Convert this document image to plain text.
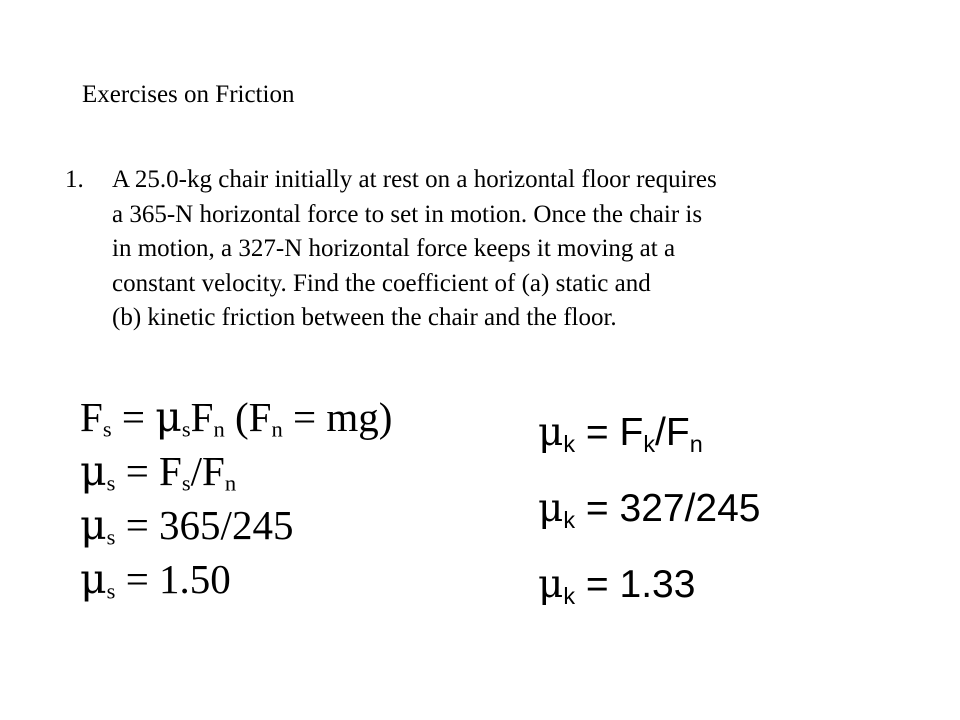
Exercises on Friction
1. A 25.0-kg chair initially at rest on a horizontal floor requires
a 365-N horizontal force to set in motion. Once the chair is
in motion, a 327-N horizontal force keeps it moving at a
constant velocity. Find the coefficient of (a) static and
(b) kinetic friction between the chair and the floor.
$F_s = \mu_sF_n$ $(F_n = mg)$
$\mu_s = F_s/F_n$
$\mu_s = 365/245$
$\mu_s = 1.50$
$\mu_k = F_k/F_n$
$\mu_k = 327/245$
$\mu_k = 1.33$
